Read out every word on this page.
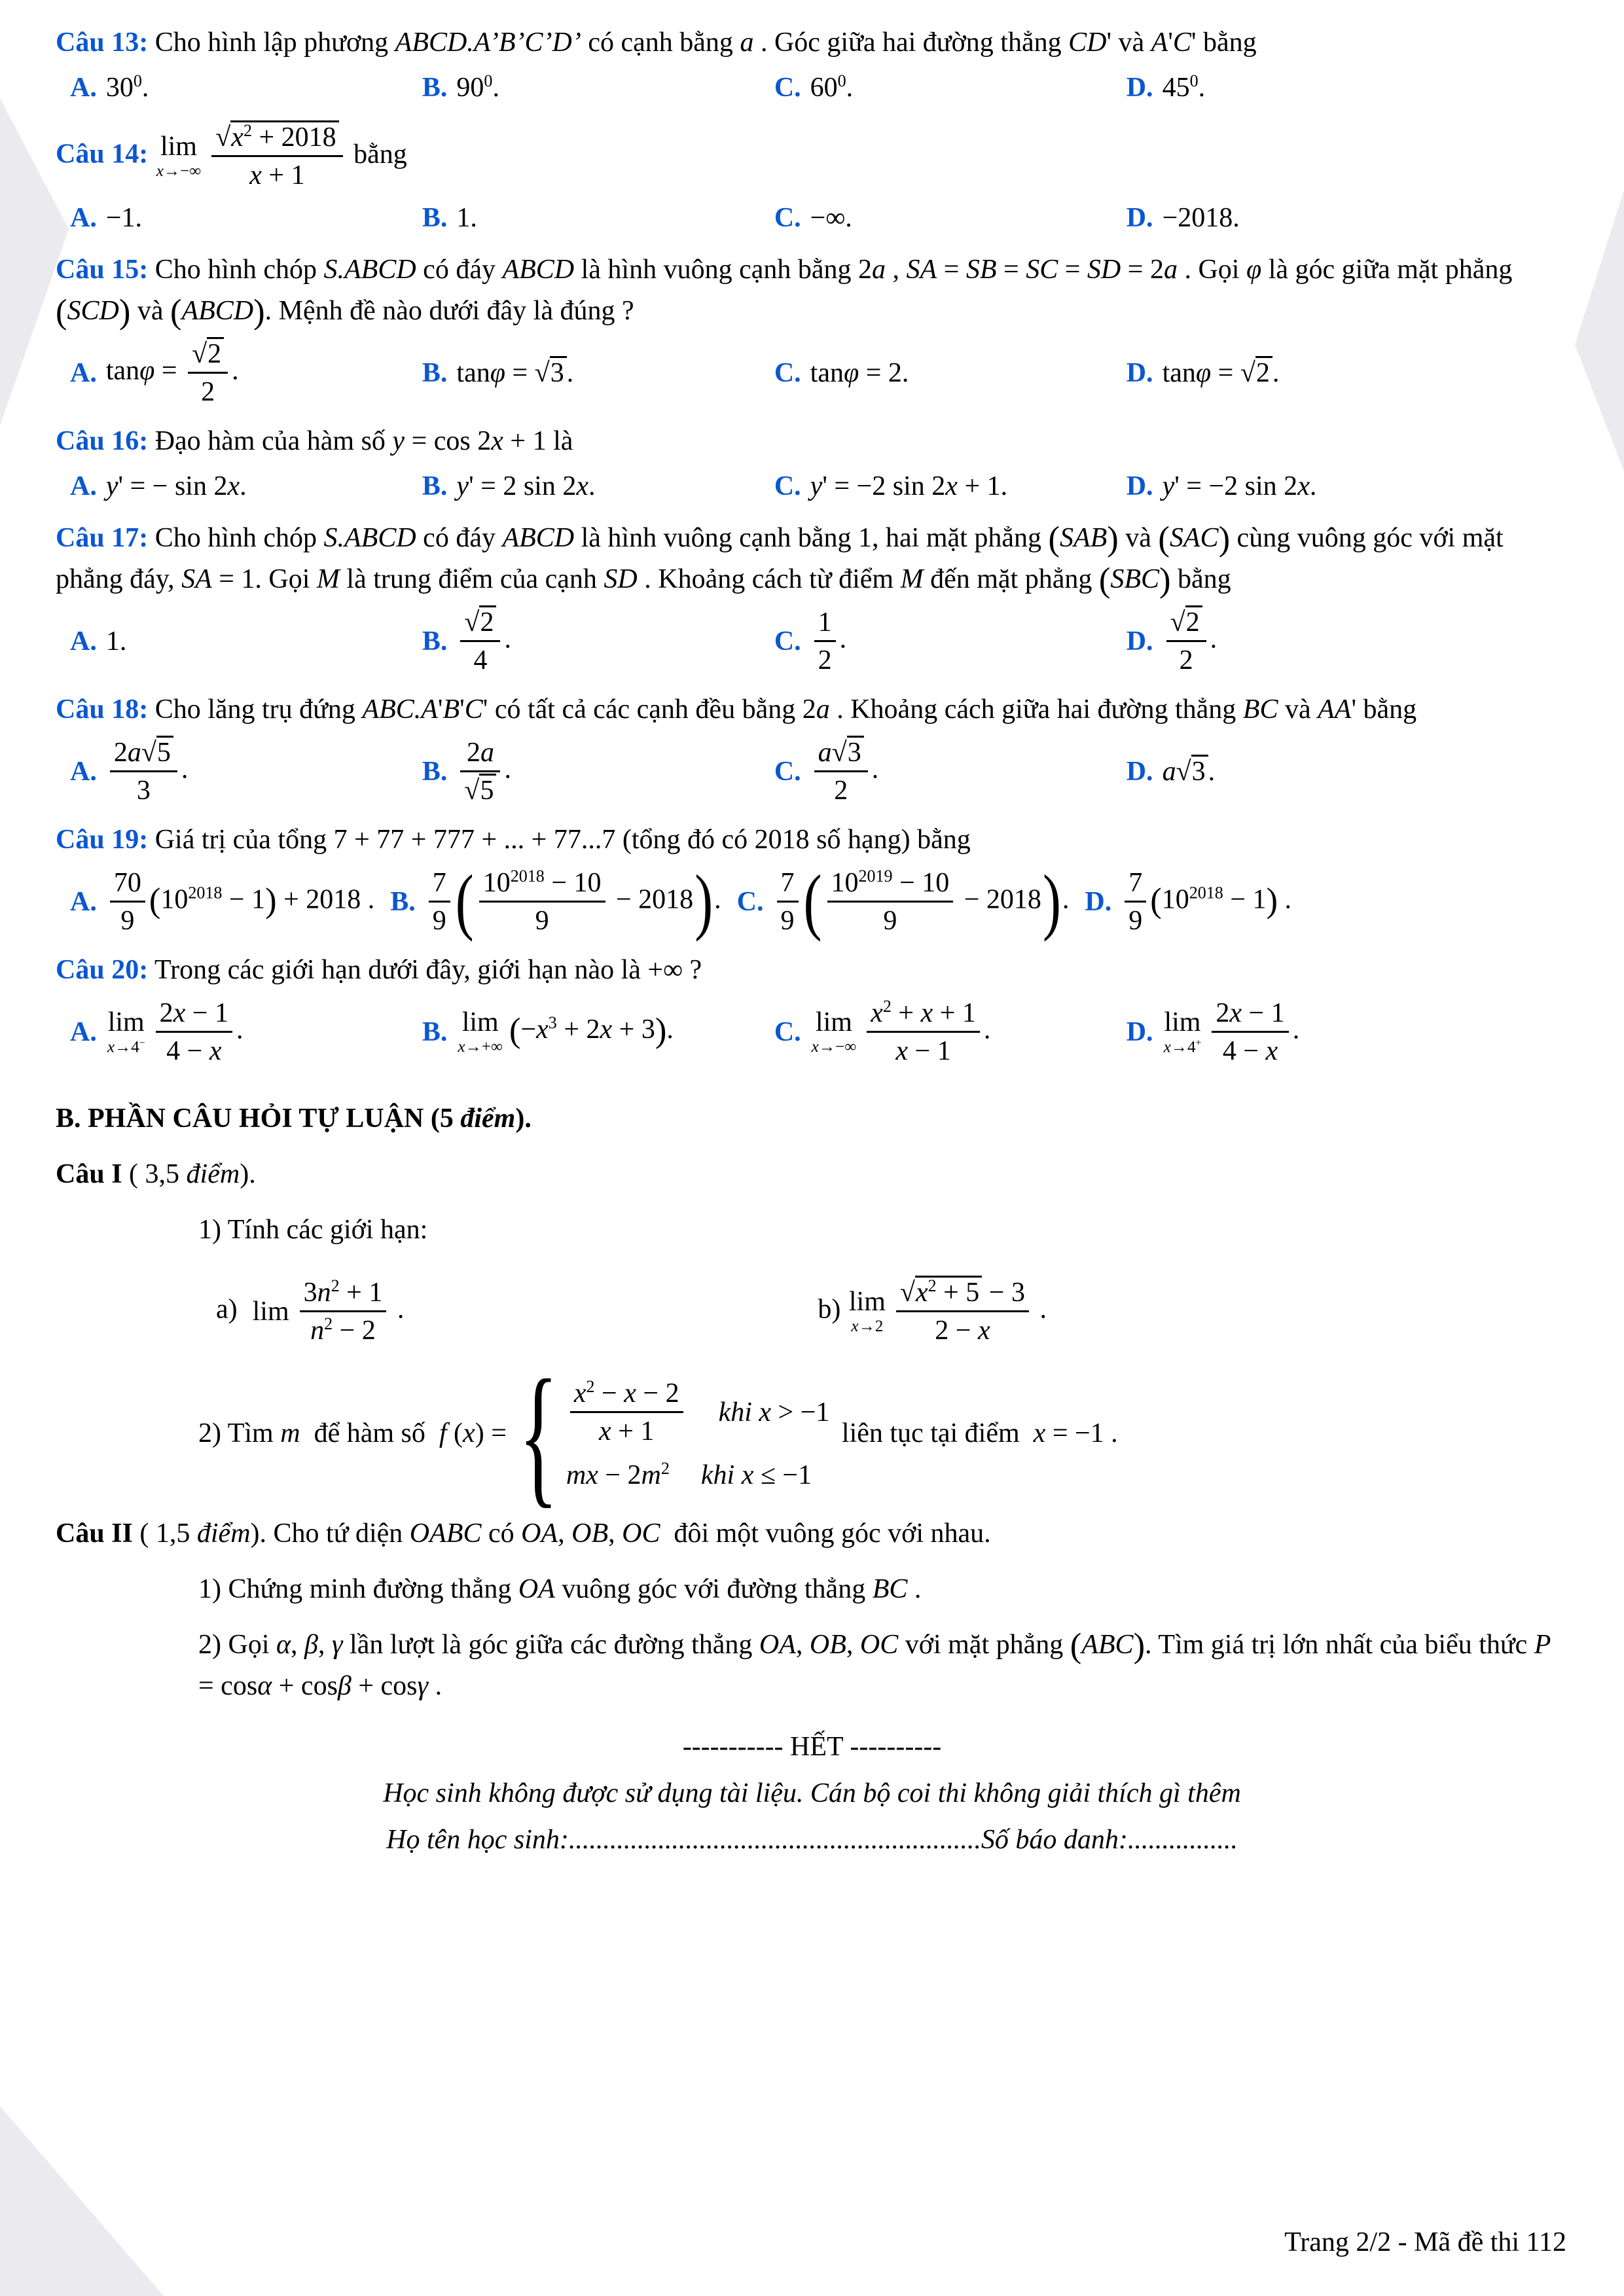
Câu 13: Cho hình lập phương ABCD.A’B’C’D’ có cạnh bằng a . Góc giữa hai đường thẳng CD' và A'C' bằng

A. $30^0$.	B. $90^0$.	C. $60^0$.	D. $45^0$.

Câu 14: lim
$x\to-\infty \frac{√x^2 + 2018}{x + 1}$ bằng

A. −1.	B. 1.	C. −∞.	D. −2018.

Câu 15: Cho hình chóp S.ABCD có đáy ABCD là hình vuông cạnh bằng 2a , SA = SB = SC = SD = 2a . Gọi φ là góc giữa mặt phẳng (SCD) và (ABCD). Mệnh đề nào dưới đây là đúng ?

A. $\tan\varphi = \frac{√2}{2}$ .	B. tanφ = √3.	C. tanφ = 2.	D. tanφ = √2.

Câu 16: Đạo hàm của hàm số y = cos 2x + 1 là

A. y' = − sin 2x.	B. y' = 2 sin 2x.	C. y' = −2 sin 2x + 1.	D. y' = −2 sin 2x.

Câu 17: Cho hình chóp S.ABCD có đáy ABCD là hình vuông cạnh bằng 1, hai mặt phẳng (SAB) và (SAC) cùng vuông góc với mặt phẳng đáy, SA = 1. Gọi M là trung điểm của cạnh SD . Khoảng cách từ điểm M đến mặt phẳng (SBC) bằng

A. 1.	B. $\frac{√2}{4}$ .	C. $\frac{1}{2}$ .	D. $\frac{√2}{2}$ .

Câu 18: Cho lăng trụ đứng ABC.A'B'C' có tất cả các cạnh đều bằng 2a . Khoảng cách giữa hai đường thẳng BC và AA' bằng

A. $\frac{2a√5}{3}$ .	B. $\frac{2a}{√5}$ .	C. $\frac{a√3}{2}$ .	D. a√3.

Câu 19: Giá trị của tổng 7 + 77 + 777 + ... + 77...7 (tổng đó có 2018 số hạng) bằng

A. $\frac{70}{9} (10^{2018} - 1) + 2018$ . B. $\frac{7}{9}$ ( $\frac{10^{2018} - 10}{9} - 2018$). C. $\frac{7}{9}$ ( $\frac{10^{2019} - 10}{9} - 2018$). D. $\frac{7}{9} (10^{2018} - 1)$ .

Câu 20: Trong các giới hạn dưới đây, giới hạn nào là +∞ ?

A. lim
$x\to 4^- \frac{2x - 1}{4 - x}$ .	B. lim
x→+∞ $(-x^3 + 2x + 3)$.	C. lim
$x\to-\infty \frac{x^2 + x + 1}{x - 1}$ .	D. lim
$x\to 4^+ \frac{2x - 1}{4 - x}$ .

B. PHẦN CÂU HỎI TỰ LUẬN (5 điểm).

Câu I ( 3,5 điểm).

1) Tính các giới hạn:

a) $\lim \frac{3n^2 + 1}{n^2 - 2}$ .	b) lim
$x\to 2 \frac{√x^2 + 5 - 3}{2 - x}$ .

2) Tìm m  để hàm số  f (x) = { $x^2 - x - 2$
x + 1
khi x > −1
mx − $2m^2$ khi x ≤ −1
liên tục tại điểm  x = −1 .

Câu II ( 1,5 điểm). Cho tứ diện OABC có OA, OB, OC  đôi một vuông góc với nhau.

1) Chứng minh đường thẳng OA vuông góc với đường thẳng BC .

2) Gọi α, β, γ lần lượt là góc giữa các đường thẳng OA, OB, OC với mặt phẳng (ABC). Tìm giá trị lớn nhất của biểu thức P = cosα + cosβ + cosγ .

----------- HẾT ----------

Học sinh không được sử dụng tài liệu. Cán bộ coi thi không giải thích gì thêm

Họ tên học sinh:............................................................Số báo danh:................

Trang 2/2 - Mã đề thi 112
